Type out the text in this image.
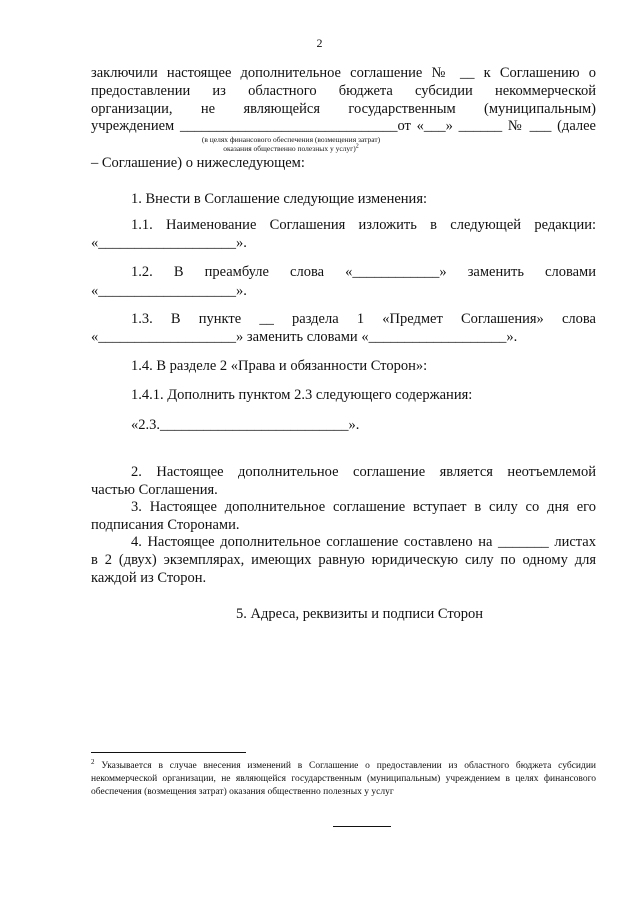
2
заключили настоящее дополнительное соглашение № __ к Соглашению о
предоставлении из областного бюджета субсидии некоммерческой
организации, не являющейся государственным (муниципальным)
учреждением ______________________________от «___» ______ № ___ (далее
(в целях финансового обеспечения (возмещения затрат)
оказания общественно полезных у услуг)$^2$
– Соглашение) о нижеследующем:
1. Внести в Соглашение следующие изменения:
1.1. Наименование Соглашения изложить в следующей редакции:
«___________________».
1.2. В преамбуле слова «____________» заменить словами
«___________________».
1.3. В пункте __ раздела 1 «Предмет Соглашения» слова
«___________________» заменить словами «___________________».
1.4. В разделе 2 «Права и обязанности Сторон»:
1.4.1. Дополнить пунктом 2.3 следующего содержания:
«2.3.__________________________».
2. Настоящее дополнительное соглашение является неотъемлемой
частью Соглашения.
3. Настоящее дополнительное соглашение вступает в силу со дня его
подписания Сторонами.
4. Настоящее дополнительное соглашение составлено на _______ листах
в 2 (двух) экземплярах, имеющих равную юридическую силу по одному для
каждой из Сторон.
5. Адреса, реквизиты и подписи Сторон
$^2$ Указывается в случае внесения изменений в Соглашение о предоставлении из областного бюджета субсидии некоммерческой организации, не являющейся государственным (муниципальным) учреждением в целях финансового обеспечения (возмещения затрат) оказания общественно полезных у услуг
